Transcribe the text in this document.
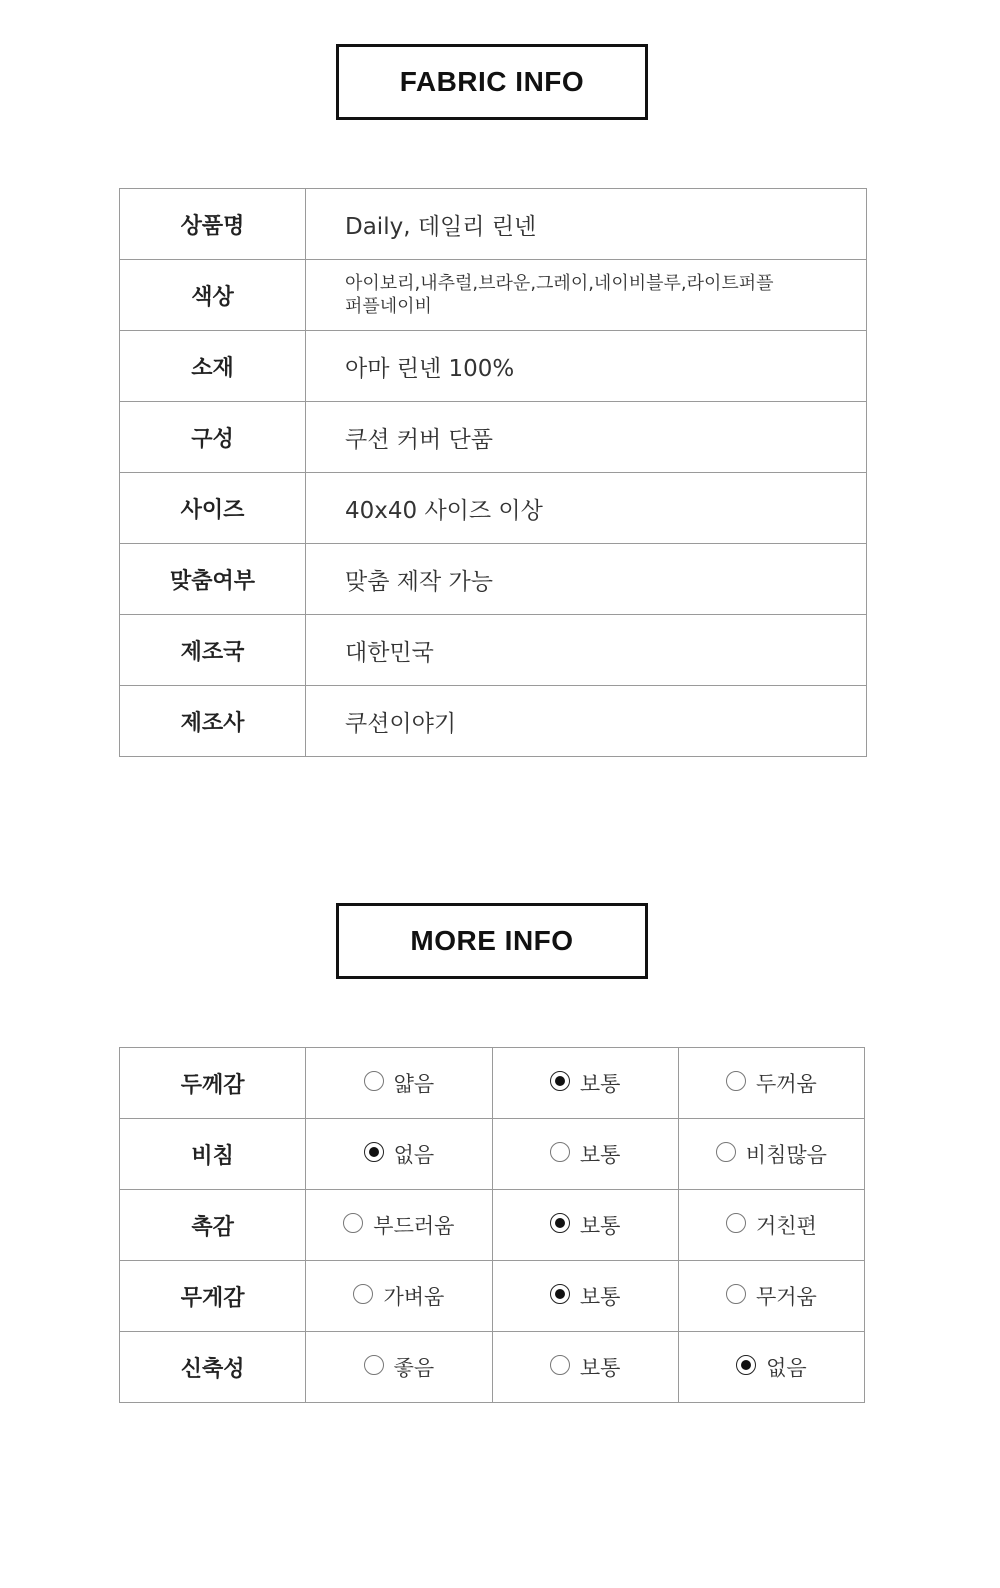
FABRIC INFO
상품명	Daily, 데일리 린넨
색상	아이보리,내추럴,브라운,그레이,네이비블루,라이트퍼플
퍼플네이비

소재	아마 린넨 100%
구성	쿠션 커버 단품
사이즈	40x40 사이즈 이상
맞춤여부	맞춤 제작 가능
제조국	대한민국
제조사	쿠션이야기
MORE INFO
두께감	얇음	보통	두꺼움
비침	없음	보통	비침많음
촉감	부드러움	보통	거친편
무게감	가벼움	보통	무거움
신축성	좋음	보통	없음
